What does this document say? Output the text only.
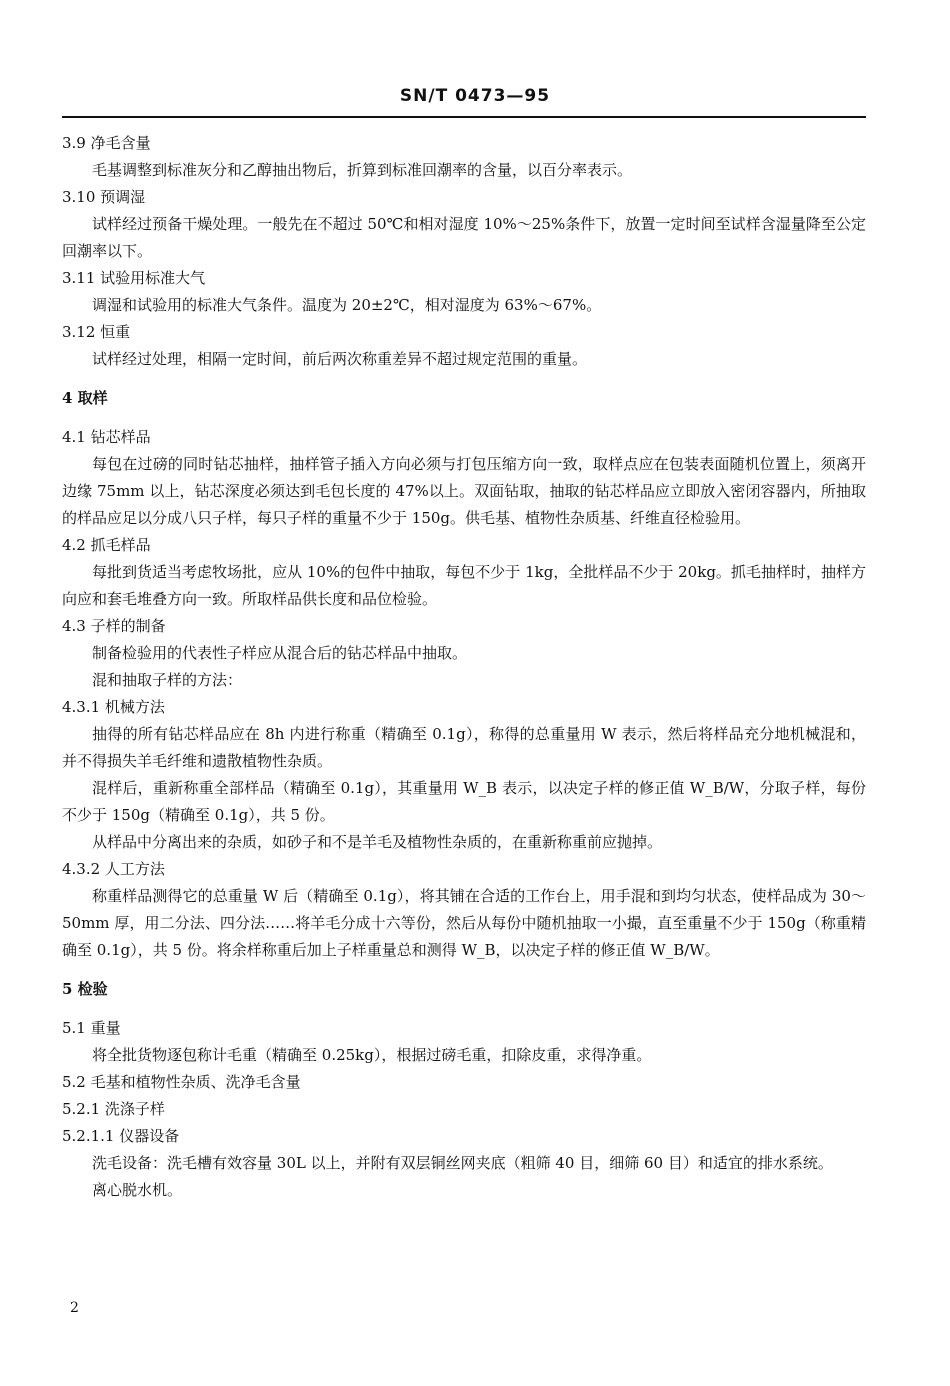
SN/T 0473—95
3.9 净毛含量
毛基调整到标准灰分和乙醇抽出物后，折算到标准回潮率的含量，以百分率表示。
3.10 预调湿
试样经过预备干燥处理。一般先在不超过 50℃和相对湿度 10%～25%条件下，放置一定时间至试样含湿量降至公定回潮率以下。
3.11 试验用标准大气
调湿和试验用的标准大气条件。温度为 20±2℃，相对湿度为 63%～67%。
3.12 恒重
试样经过处理，相隔一定时间，前后两次称重差异不超过规定范围的重量。
4 取样
4.1 钻芯样品
每包在过磅的同时钻芯抽样，抽样管子插入方向必须与打包压缩方向一致，取样点应在包装表面随机位置上，须离开边缘 75mm 以上，钻芯深度必须达到毛包长度的 47%以上。双面钻取，抽取的钻芯样品应立即放入密闭容器内，所抽取的样品应足以分成八只子样，每只子样的重量不少于 150g。供毛基、植物性杂质基、纤维直径检验用。
4.2 抓毛样品
每批到货适当考虑牧场批，应从 10%的包件中抽取，每包不少于 1kg，全批样品不少于 20kg。抓毛抽样时，抽样方向应和套毛堆叠方向一致。所取样品供长度和品位检验。
4.3 子样的制备
制备检验用的代表性子样应从混合后的钻芯样品中抽取。
混和抽取子样的方法：
4.3.1 机械方法
抽得的所有钻芯样品应在 8h 内进行称重（精确至 0.1g），称得的总重量用 W 表示，然后将样品充分地机械混和，并不得损失羊毛纤维和遗散植物性杂质。
混样后，重新称重全部样品（精确至 0.1g），其重量用 W_B 表示，以决定子样的修正值 W_B/W，分取子样，每份不少于 150g（精确至 0.1g），共 5 份。
从样品中分离出来的杂质，如砂子和不是羊毛及植物性杂质的，在重新称重前应抛掉。
4.3.2 人工方法
称重样品测得它的总重量 W 后（精确至 0.1g），将其铺在合适的工作台上，用手混和到均匀状态，使样品成为 30～50mm 厚，用二分法、四分法……将羊毛分成十六等份，然后从每份中随机抽取一小撮，直至重量不少于 150g（称重精确至 0.1g），共 5 份。将余样称重后加上子样重量总和测得 W_B，以决定子样的修正值 W_B/W。
5 检验
5.1 重量
将全批货物逐包称计毛重（精确至 0.25kg），根据过磅毛重，扣除皮重，求得净重。
5.2 毛基和植物性杂质、洗净毛含量
5.2.1 洗涤子样
5.2.1.1 仪器设备
洗毛设备：洗毛槽有效容量 30L 以上，并附有双层铜丝网夹底（粗筛 40 目，细筛 60 目）和适宜的排水系统。
离心脱水机。
2
